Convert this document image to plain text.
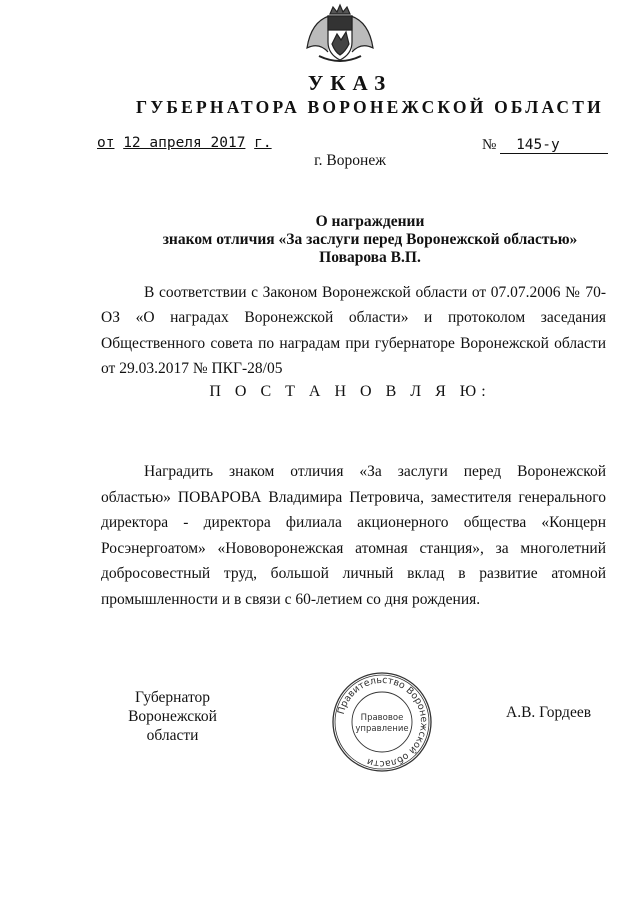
УКАЗ
ГУБЕРНАТОРА ВОРОНЕЖСКОЙ ОБЛАСТИ
от 12 апреля 2017 г.	№ 145-у
г. Воронеж
О награждении
знаком отличия «За заслуги перед Воронежской областью»
Поварова В.П.

В соответствии с Законом Воронежской области от 07.07.2006 № 70-ОЗ «О наградах Воронежской области» и протоколом заседания Общественного совета по наградам при губернаторе Воронежской области от 29.03.2017 № ПКГ-28/05

П О С Т А Н О В Л Я Ю:

Наградить знаком отличия «За заслуги перед Воронежской областью» ПОВАРОВА Владимира Петровича, заместителя генерального директора - директора филиала акционерного общества «Концерн Росэнергоатом» «Нововоронежская атомная станция», за многолетний добросовестный труд, большой личный вклад в развитие атомной промышленности и в связи с 60-летием со дня рождения.

Губернатор
Воронежской области
Правительство Воронежской области
Правовое
управление
А.В. Гордеев
